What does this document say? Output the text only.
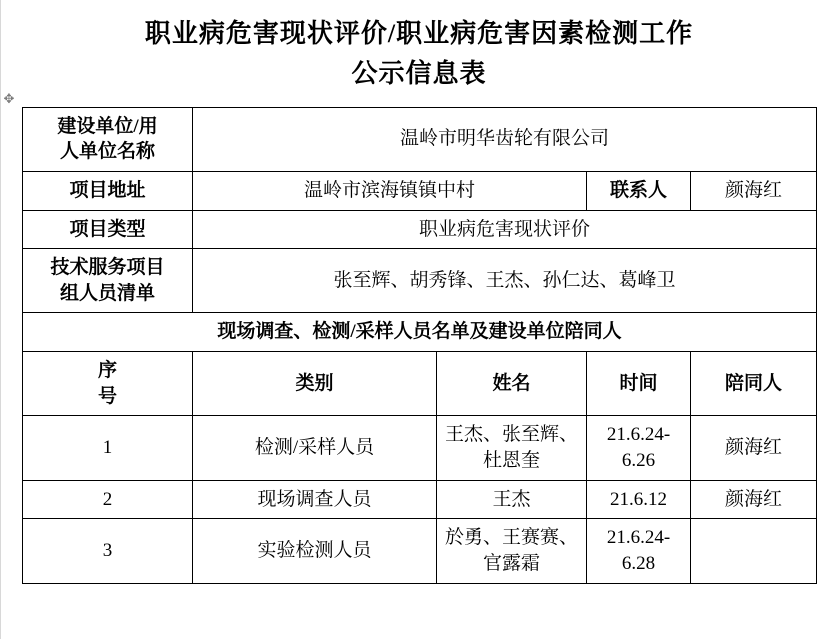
✥
职业病危害现状评价/职业病危害因素检测工作
公示信息表
建设单位/用
人单位名称	温岭市明华齿轮有限公司			
项目地址	温岭市滨海镇镇中村		联系人	颜海红
项目类型	职业病危害现状评价			

技术服务项目
组人员清单	张至辉、胡秀锋、王杰、孙仁达、葛峰卫			
现场调查、检测/采样人员名单及建设单位陪同人				

序
号	类别	姓名	时间	陪同人
1	检测/采样人员	王杰、张至辉、
杜恩奎	21.6.24-6.26	颜海红
2	现场调查人员	王杰	21.6.12	颜海红
3	实验检测人员	於勇、王赛赛、
官露霜	21.6.24-6.28	
